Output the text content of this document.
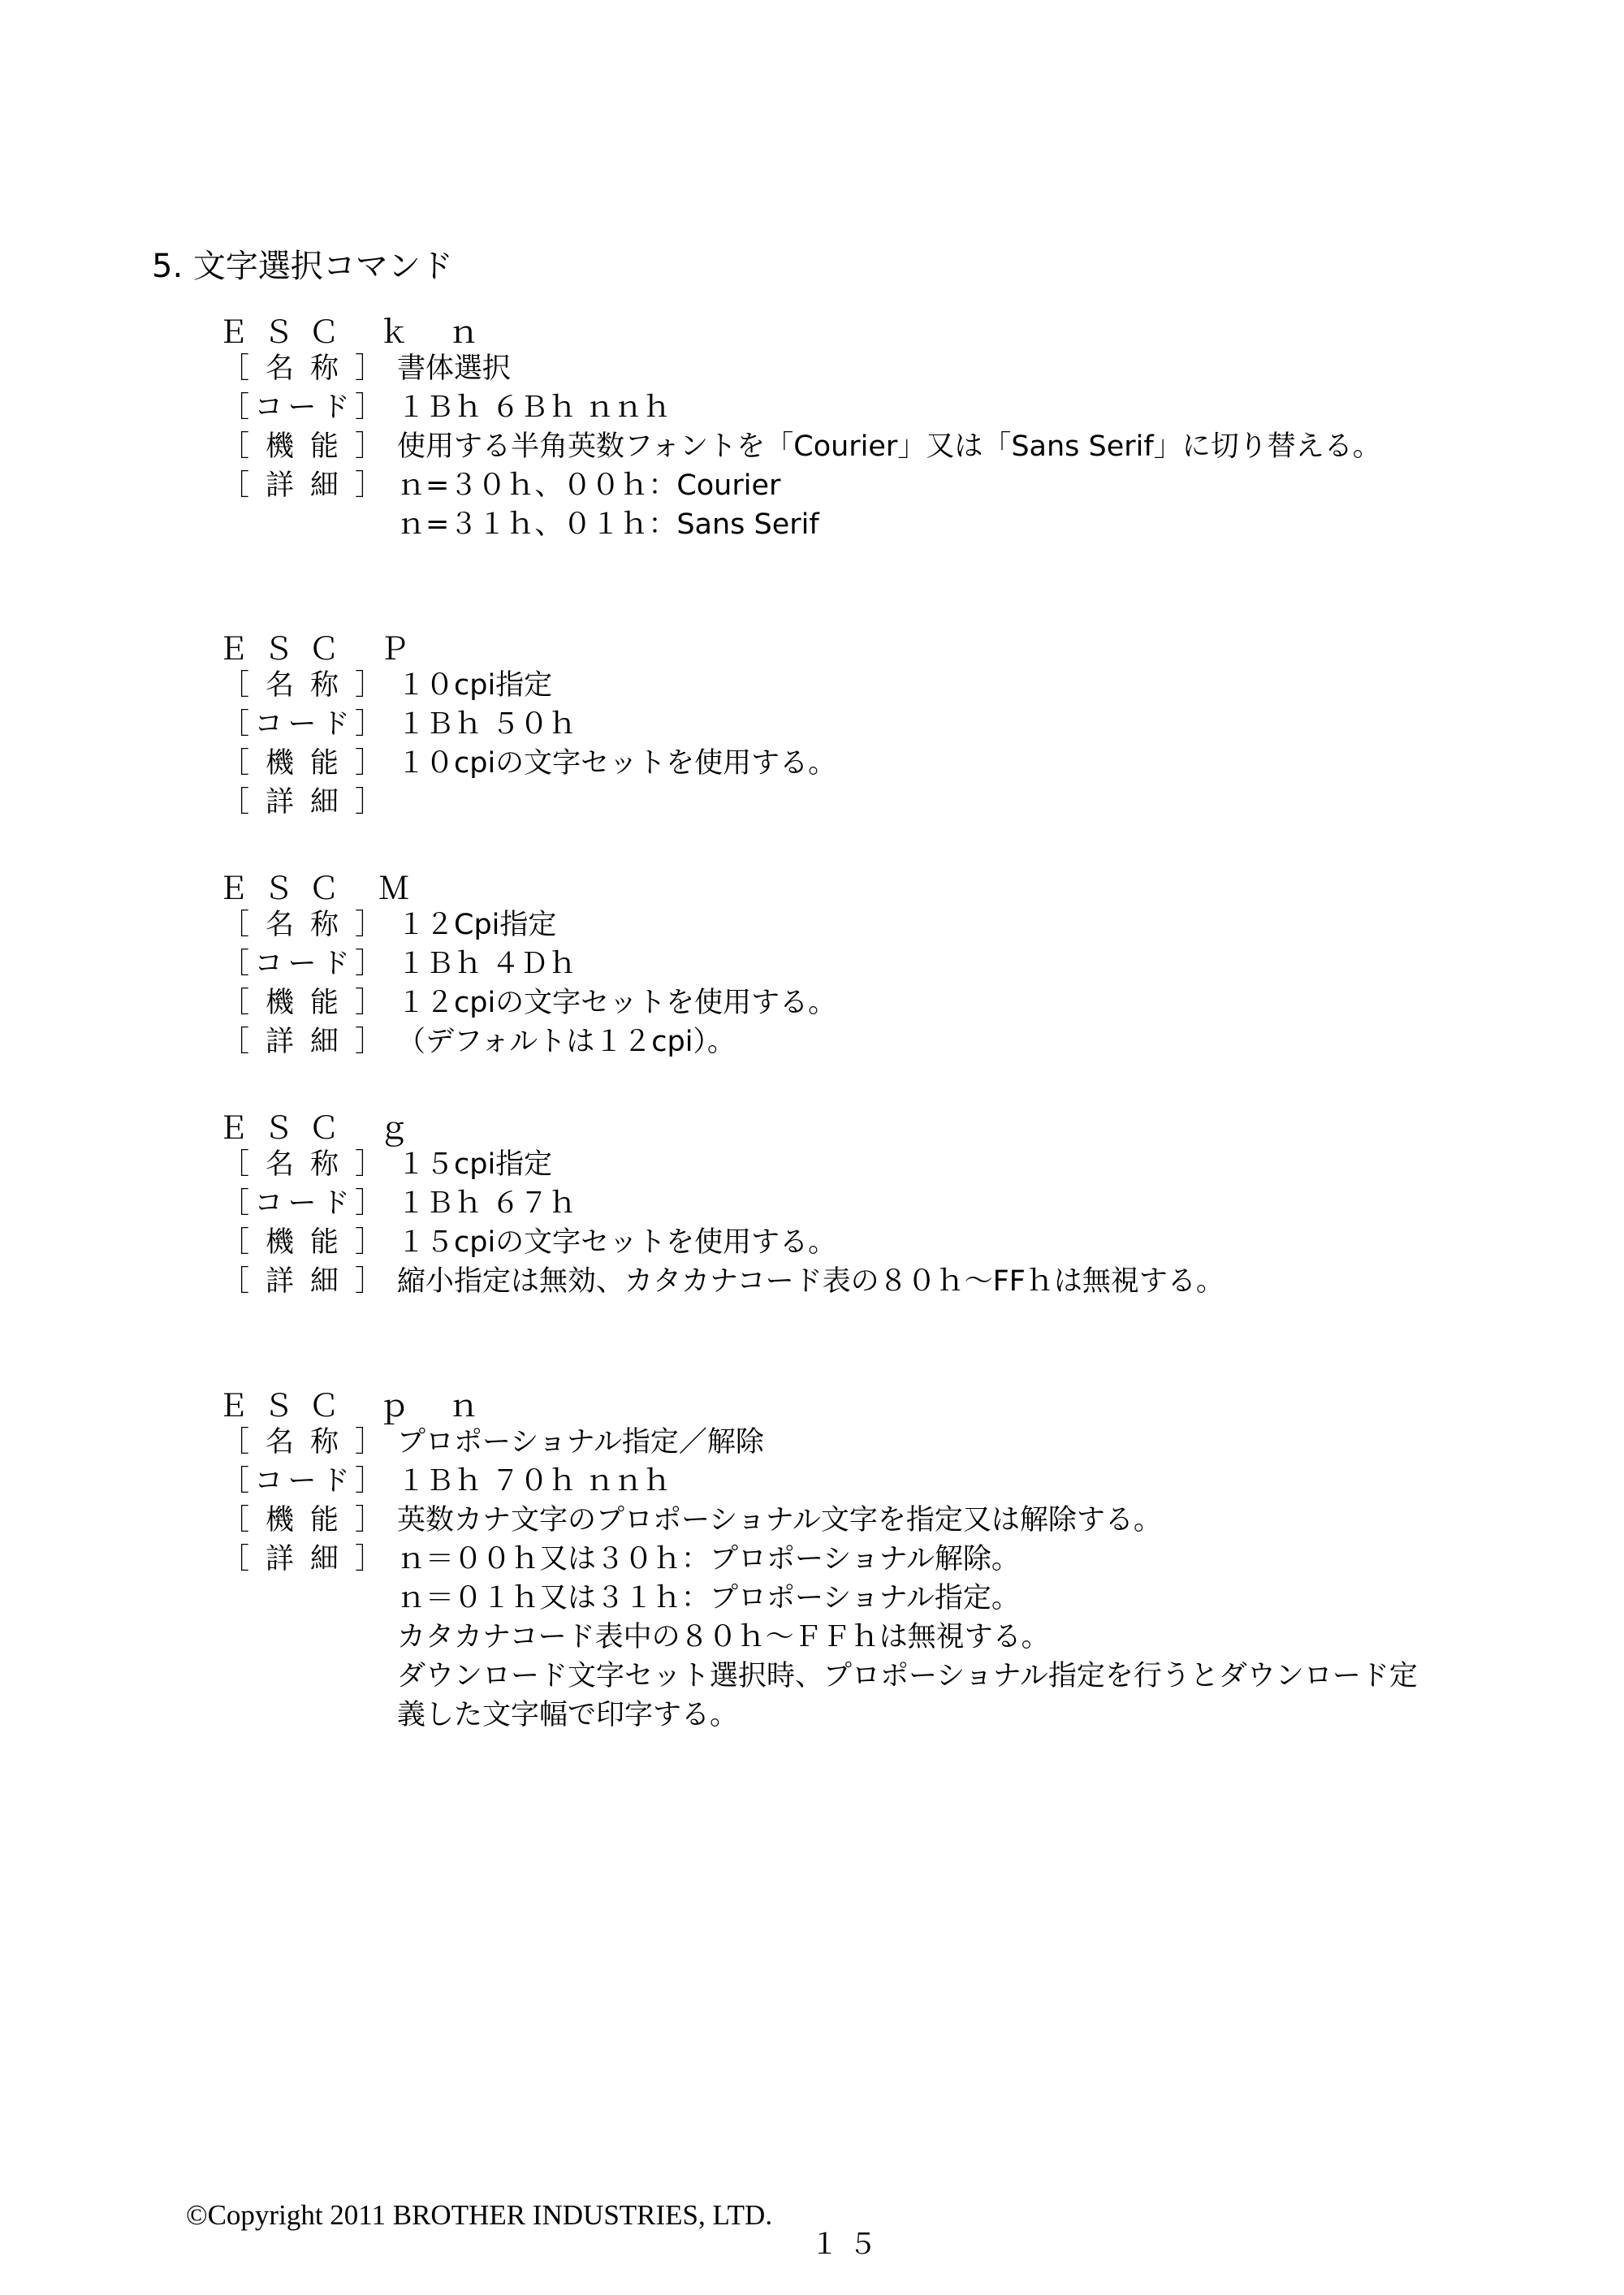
5. 文字選択コマンド
ＥＳＣ ｋ ｎ
［ 名 称 ］ 書体選択
［ コ ー ド ］ １Ｂｈ ６Ｂｈ ｎｎｈ
［ 機 能 ］ 使用する半角英数フォントを「Courier」又は「Sans Serif」に切り替える。
［ 詳 細 ］ ｎ=３０ｈ、００ｈ：Courier
ｎ=３１ｈ、０１ｈ：Sans Serif
ＥＳＣ Ｐ
［ 名 称 ］ １０cpi指定
［ コ ー ド ］ １Ｂｈ ５０ｈ
［ 機 能 ］ １０cpiの文字セットを使用する。
［ 詳 細 ］
ＥＳＣ Ｍ
［ 名 称 ］ １２Cpi指定
［ コ ー ド ］ １Ｂｈ ４Ｄｈ
［ 機 能 ］ １２cpiの文字セットを使用する。
［ 詳 細 ］ （デフォルトは１２cpi）。
ＥＳＣ ｇ
［ 名 称 ］ １５cpi指定
［ コ ー ド ］ １Ｂｈ ６７ｈ
［ 機 能 ］ １５cpiの文字セットを使用する。
［ 詳 細 ］ 縮小指定は無効、カタカナコード表の８０ｈ～FFｈは無視する。
ＥＳＣ ｐ ｎ
［ 名 称 ］ プロポーショナル指定／解除
［ コ ー ド ］ １Ｂｈ ７０ｈ ｎｎｈ
［ 機 能 ］ 英数カナ文字のプロポーショナル文字を指定又は解除する。
［ 詳 細 ］ ｎ＝００ｈ又は３０ｈ：プロポーショナル解除。
ｎ＝０１ｈ又は３１ｈ：プロポーショナル指定。
カタカナコード表中の８０ｈ～ＦＦｈは無視する。
ダウンロード文字セット選択時、プロポーショナル指定を行うとダウンロード定
義した文字幅で印字する。
©Copyright 2011 BROTHER INDUSTRIES, LTD.
１５
